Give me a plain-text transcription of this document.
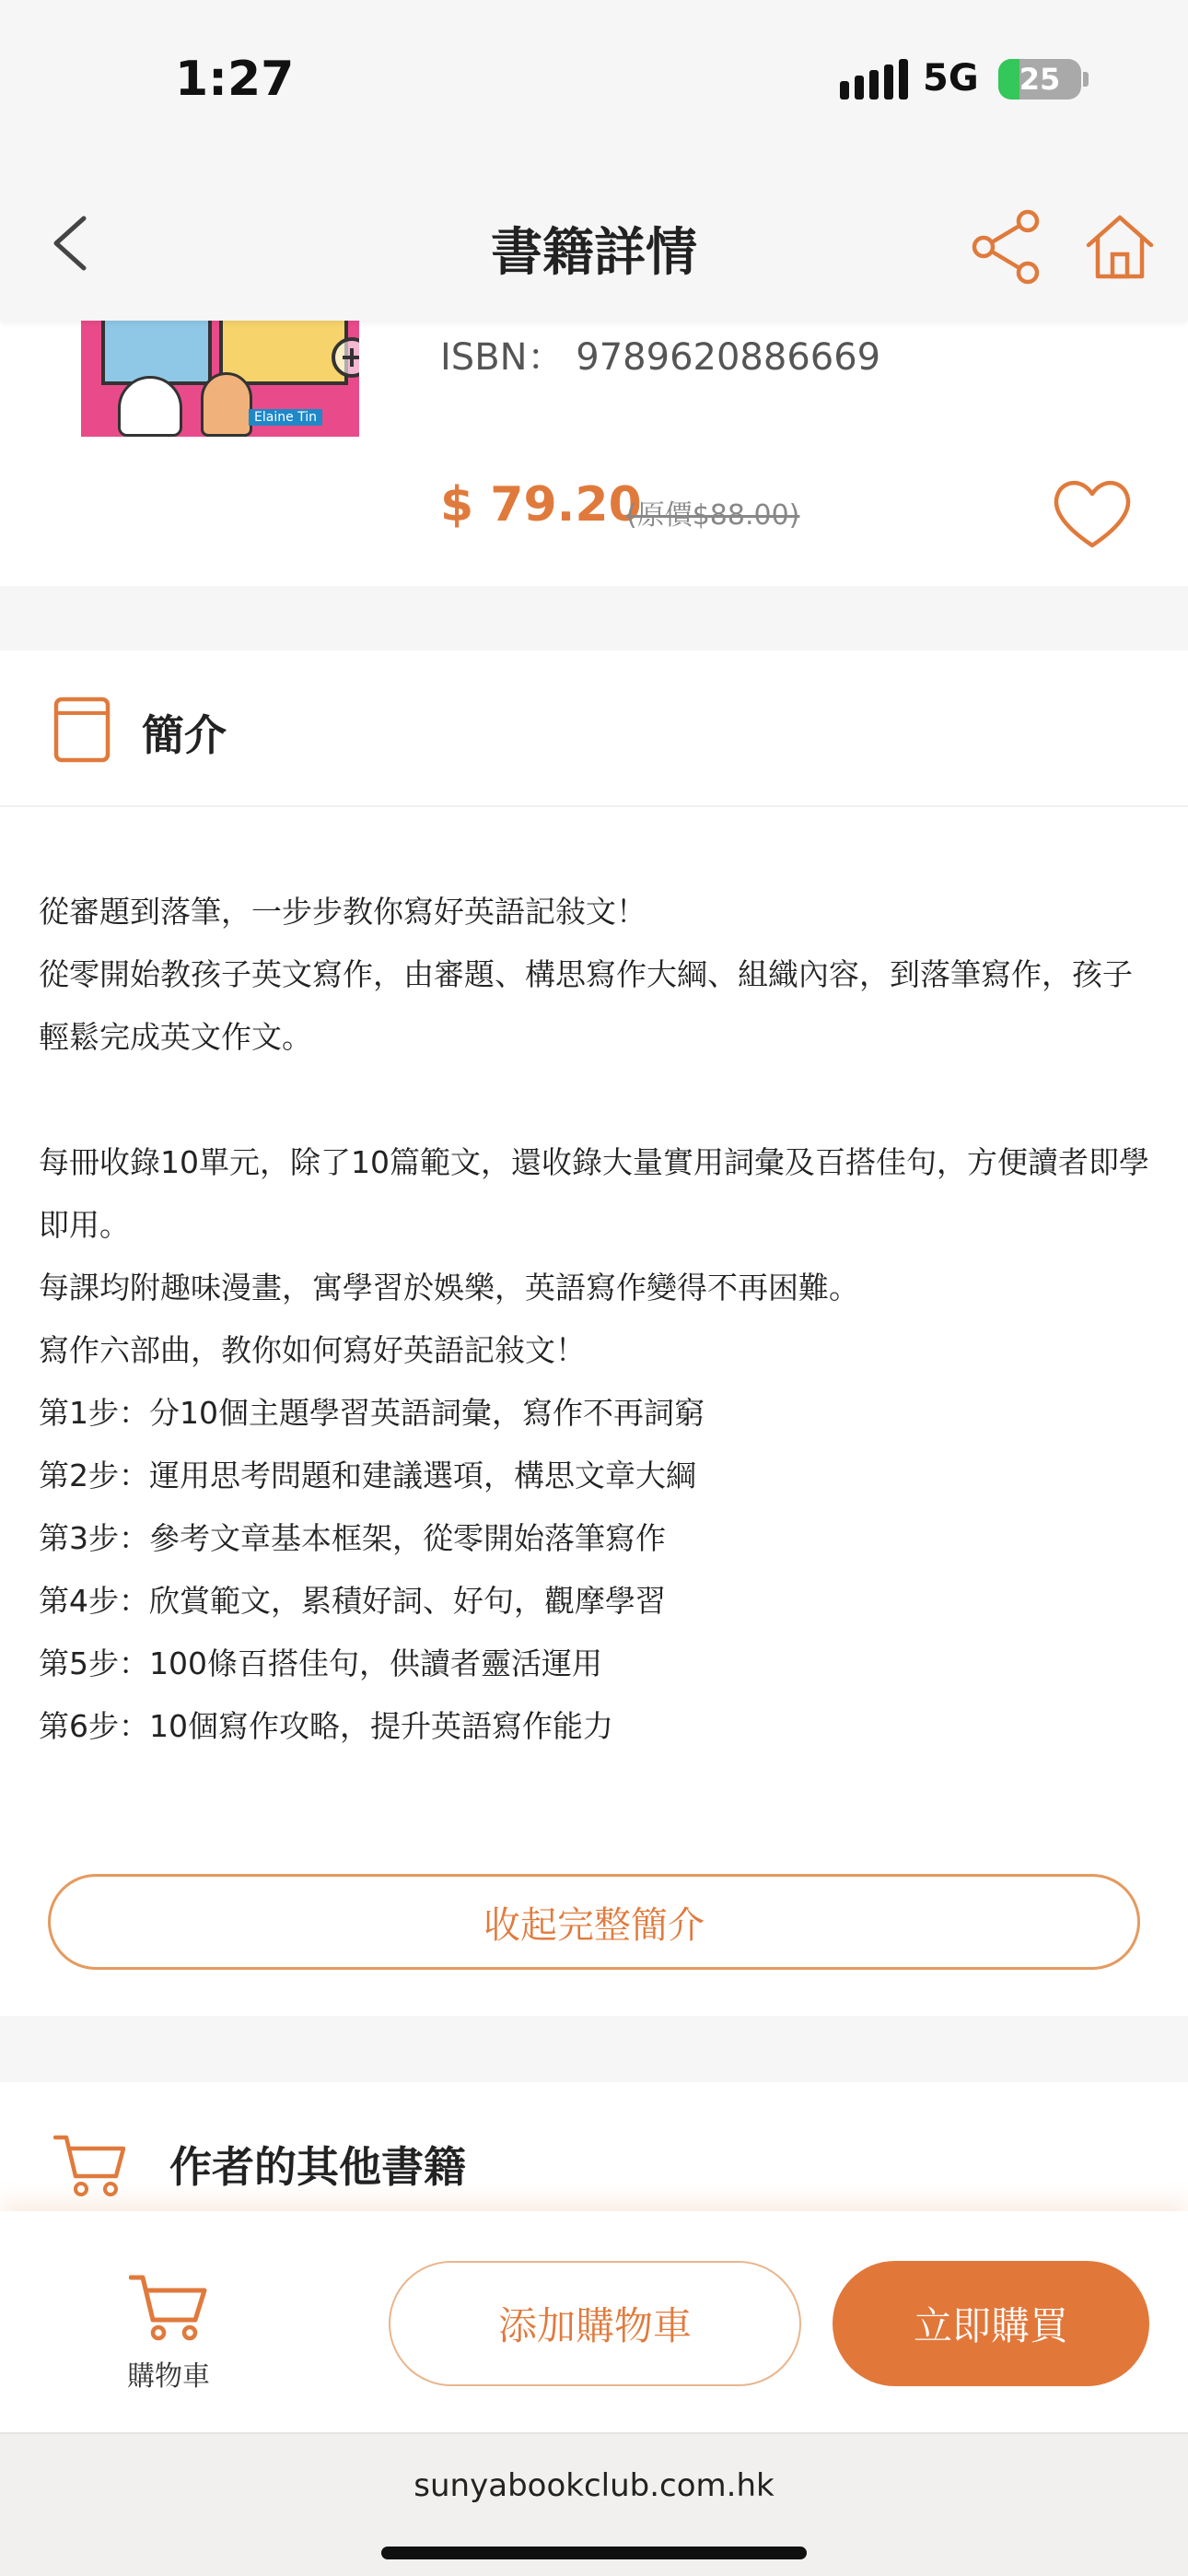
1:27	5G	25
書籍詳情
Elaine Tin
ISBN： 9789620886669
$ 79.20
(原價$88.00)
簡介

從審題到落筆，一步步教你寫好英語記敍文！

從零開始教孩子英文寫作，由審題、構思寫作大綱、組織內容，到落筆寫作，孩子輕鬆完成英文作文。

每冊收錄10單元，除了10篇範文，還收錄大量實用詞彙及百搭佳句，方便讀者即學即用。

每課均附趣味漫畫，寓學習於娛樂，英語寫作變得不再困難。

寫作六部曲，教你如何寫好英語記敍文！

第1步：分10個主題學習英語詞彙，寫作不再詞窮

第2步：運用思考問題和建議選項，構思文章大綱

第3步：參考文章基本框架，從零開始落筆寫作

第4步：欣賞範文，累積好詞、好句，觀摩學習

第5步：100條百搭佳句，供讀者靈活運用

第6步：10個寫作攻略，提升英語寫作能力

收起完整簡介
作者的其他書籍
購物車
添加購物車	立即購買
sunyabookclub.com.hk
